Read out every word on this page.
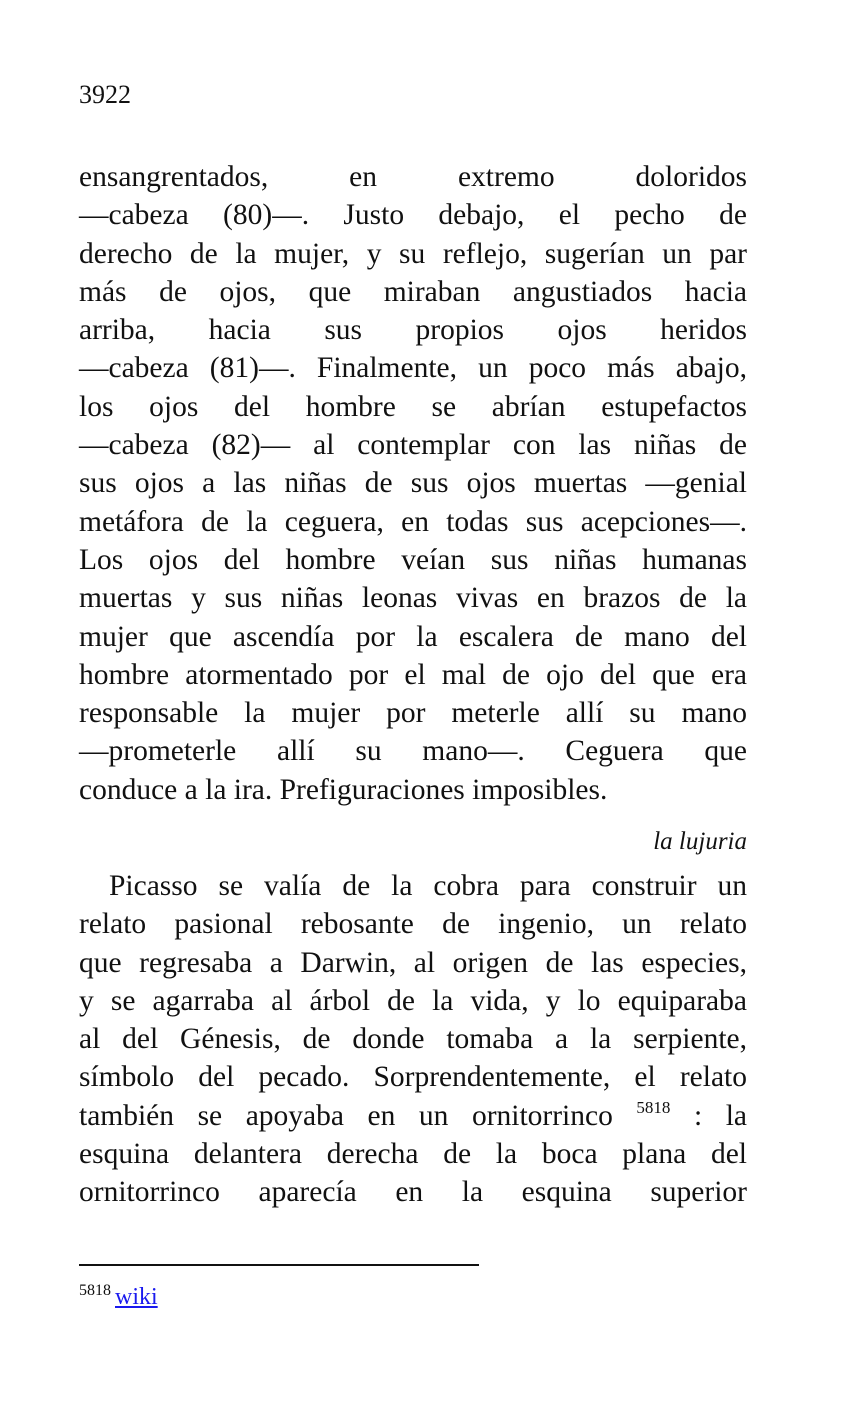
3922
ensangrentados, en extremo doloridos
—cabeza (80)—. Justo debajo, el pecho de
derecho de la mujer, y su reflejo, sugerían un par
más de ojos, que miraban angustiados hacia
arriba, hacia sus propios ojos heridos
—cabeza (81)—. Finalmente, un poco más abajo,
los ojos del hombre se abrían estupefactos
—cabeza (82)— al contemplar con las niñas de
sus ojos a las niñas de sus ojos muertas —genial
metáfora de la ceguera, en todas sus acepciones—.
Los ojos del hombre veían sus niñas humanas
muertas y sus niñas leonas vivas en brazos de la
mujer que ascendía por la escalera de mano del
hombre atormentado por el mal de ojo del que era
responsable la mujer por meterle allí su mano
—prometerle allí su mano—. Ceguera que
conduce a la ira. Prefiguraciones imposibles.
la lujuria
Picasso se valía de la cobra para construir un
relato pasional rebosante de ingenio, un relato
que regresaba a Darwin, al origen de las especies,
y se agarraba al árbol de la vida, y lo equiparaba
al del Génesis, de donde tomaba a la serpiente,
símbolo del pecado. Sorprendentemente, el relato
también se apoyaba en un ornitorrinco $^{5818}$ : la
esquina delantera derecha de la boca plana del
ornitorrinco aparecía en la esquina superior
$^{5818}$ wiki
